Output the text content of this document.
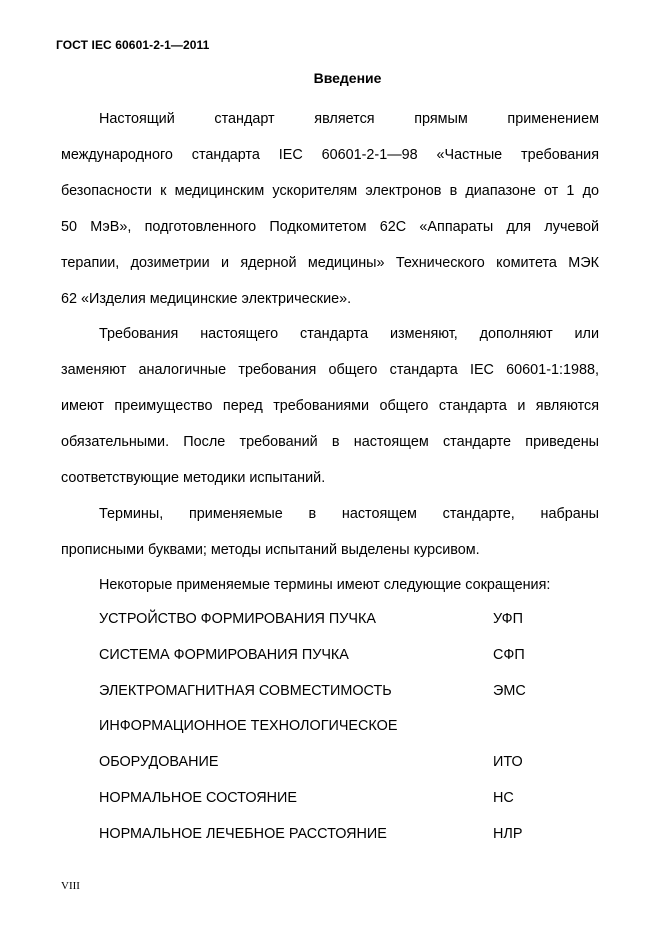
ГОСТ IEC 60601-2-1—2011
Введение
Настоящий стандарт является прямым применением
международного стандарта IEC 60601-2-1—98 «Частные требования
безопасности к медицинским ускорителям электронов в диапазоне от 1 до
50 МэВ», подготовленного Подкомитетом 62С «Аппараты для лучевой
терапии, дозиметрии и ядерной медицины» Технического комитета МЭК
62 «Изделия медицинские электрические».
Требования настоящего стандарта изменяют, дополняют или
заменяют аналогичные требования общего стандарта IEC 60601-1:1988,
имеют преимущество перед требованиями общего стандарта и являются
обязательными. После требований в настоящем стандарте приведены
соответствующие методики испытаний.
Термины, применяемые в настоящем стандарте, набраны
прописными буквами; методы испытаний выделены курсивом.
Некоторые применяемые термины имеют следующие сокращения:
УСТРОЙСТВО ФОРМИРОВАНИЯ ПУЧКА	УФП
СИСТЕМА ФОРМИРОВАНИЯ ПУЧКА	СФП
ЭЛЕКТРОМАГНИТНАЯ СОВМЕСТИМОСТЬ	ЭМС
ИНФОРМАЦИОННОЕ ТЕХНОЛОГИЧЕСКОЕ
ОБОРУДОВАНИЕ	ИТО
НОРМАЛЬНОЕ СОСТОЯНИЕ	НС
НОРМАЛЬНОЕ ЛЕЧЕБНОЕ РАССТОЯНИЕ	НЛР
VIII
